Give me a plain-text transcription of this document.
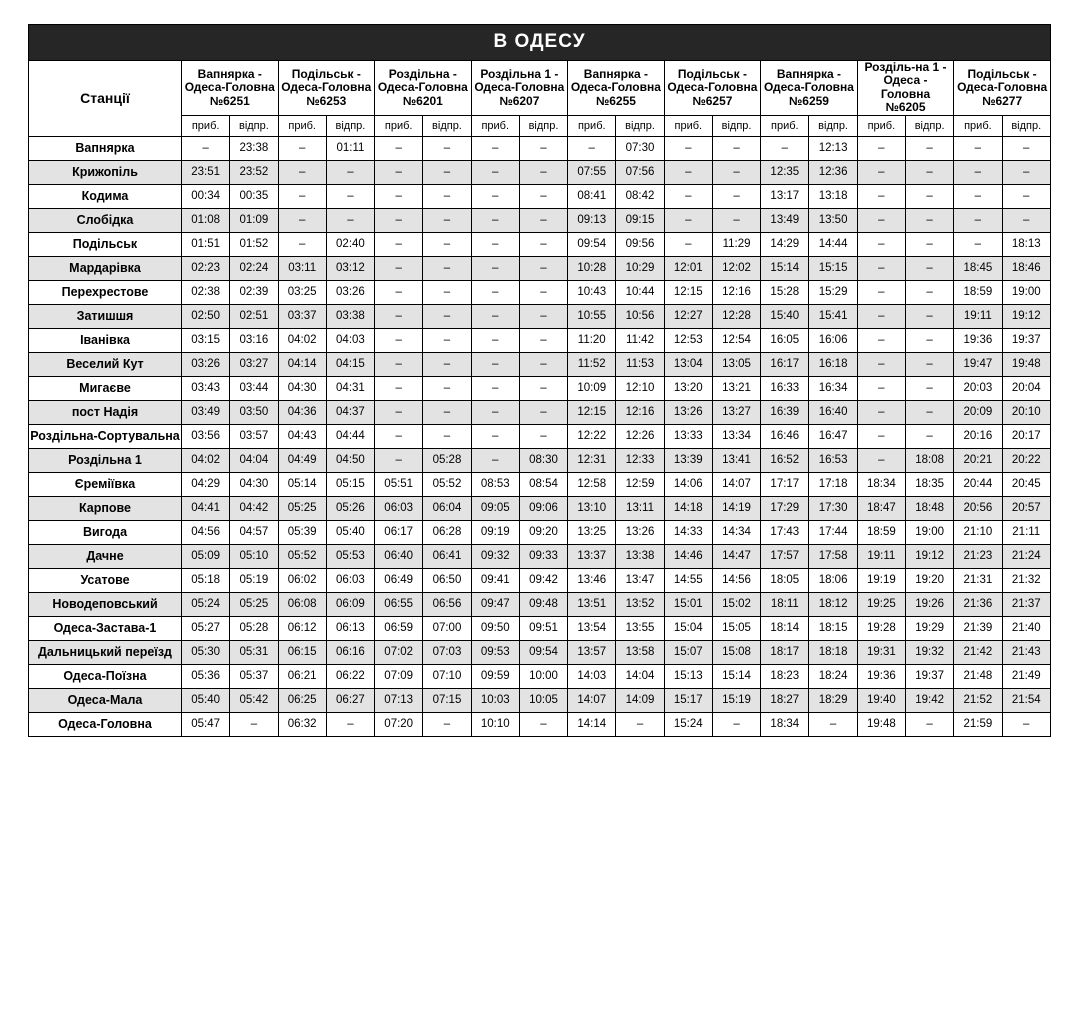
В ОДЕСУ
Станції	
Вапнярка - Одеса-Головна
№6251

Подільськ - Одеса-Головна
№6253

Роздільна - Одеса-Головна
№6201

Роздільна 1 - Одеса-Головна
№6207

Вапнярка - Одеса-Головна
№6255

Подільськ - Одеса-Головна
№6257

Вапнярка - Одеса-Головна
№6259

Розділь-на 1 - Одеса - Головна
№6205

Подільськ - Одеса-Головна
№6277

	приб.	відпр.	приб.	відпр.	приб.	відпр.	приб.	відпр.	приб.	відпр.	приб.	відпр.	приб.	відпр.	приб.	відпр.	приб.	відпр.
Вапнярка	–	23:38	–	01:11	–	–	–	–	–	07:30	–	–	–	12:13	–	–	–	–
Крижопіль	23:51	23:52	–	–	–	–	–	–	07:55	07:56	–	–	12:35	12:36	–	–	–	–
Кодима	00:34	00:35	–	–	–	–	–	–	08:41	08:42	–	–	13:17	13:18	–	–	–	–
Слобідка	01:08	01:09	–	–	–	–	–	–	09:13	09:15	–	–	13:49	13:50	–	–	–	–
Подільськ	01:51	01:52	–	02:40	–	–	–	–	09:54	09:56	–	11:29	14:29	14:44	–	–	–	18:13
Мардарівка	02:23	02:24	03:11	03:12	–	–	–	–	10:28	10:29	12:01	12:02	15:14	15:15	–	–	18:45	18:46
Перехрестове	02:38	02:39	03:25	03:26	–	–	–	–	10:43	10:44	12:15	12:16	15:28	15:29	–	–	18:59	19:00
Затишшя	02:50	02:51	03:37	03:38	–	–	–	–	10:55	10:56	12:27	12:28	15:40	15:41	–	–	19:11	19:12
Іванівка	03:15	03:16	04:02	04:03	–	–	–	–	11:20	11:42	12:53	12:54	16:05	16:06	–	–	19:36	19:37
Веселий Кут	03:26	03:27	04:14	04:15	–	–	–	–	11:52	11:53	13:04	13:05	16:17	16:18	–	–	19:47	19:48
Мигаєве	03:43	03:44	04:30	04:31	–	–	–	–	10:09	12:10	13:20	13:21	16:33	16:34	–	–	20:03	20:04
пост Надія	03:49	03:50	04:36	04:37	–	–	–	–	12:15	12:16	13:26	13:27	16:39	16:40	–	–	20:09	20:10
Роздільна-Сортувальна	03:56	03:57	04:43	04:44	–	–	–	–	12:22	12:26	13:33	13:34	16:46	16:47	–	–	20:16	20:17
Роздільна 1	04:02	04:04	04:49	04:50	–	05:28	–	08:30	12:31	12:33	13:39	13:41	16:52	16:53	–	18:08	20:21	20:22
Єреміївка	04:29	04:30	05:14	05:15	05:51	05:52	08:53	08:54	12:58	12:59	14:06	14:07	17:17	17:18	18:34	18:35	20:44	20:45
Карпове	04:41	04:42	05:25	05:26	06:03	06:04	09:05	09:06	13:10	13:11	14:18	14:19	17:29	17:30	18:47	18:48	20:56	20:57
Вигода	04:56	04:57	05:39	05:40	06:17	06:28	09:19	09:20	13:25	13:26	14:33	14:34	17:43	17:44	18:59	19:00	21:10	21:11
Дачне	05:09	05:10	05:52	05:53	06:40	06:41	09:32	09:33	13:37	13:38	14:46	14:47	17:57	17:58	19:11	19:12	21:23	21:24
Усатове	05:18	05:19	06:02	06:03	06:49	06:50	09:41	09:42	13:46	13:47	14:55	14:56	18:05	18:06	19:19	19:20	21:31	21:32
Новодеповський	05:24	05:25	06:08	06:09	06:55	06:56	09:47	09:48	13:51	13:52	15:01	15:02	18:11	18:12	19:25	19:26	21:36	21:37
Одеса-Застава-1	05:27	05:28	06:12	06:13	06:59	07:00	09:50	09:51	13:54	13:55	15:04	15:05	18:14	18:15	19:28	19:29	21:39	21:40
Дальницький переїзд	05:30	05:31	06:15	06:16	07:02	07:03	09:53	09:54	13:57	13:58	15:07	15:08	18:17	18:18	19:31	19:32	21:42	21:43
Одеса-Поїзна	05:36	05:37	06:21	06:22	07:09	07:10	09:59	10:00	14:03	14:04	15:13	15:14	18:23	18:24	19:36	19:37	21:48	21:49
Одеса-Мала	05:40	05:42	06:25	06:27	07:13	07:15	10:03	10:05	14:07	14:09	15:17	15:19	18:27	18:29	19:40	19:42	21:52	21:54
Одеса-Головна	05:47	–	06:32	–	07:20	–	10:10	–	14:14	–	15:24	–	18:34	–	19:48	–	21:59	–
